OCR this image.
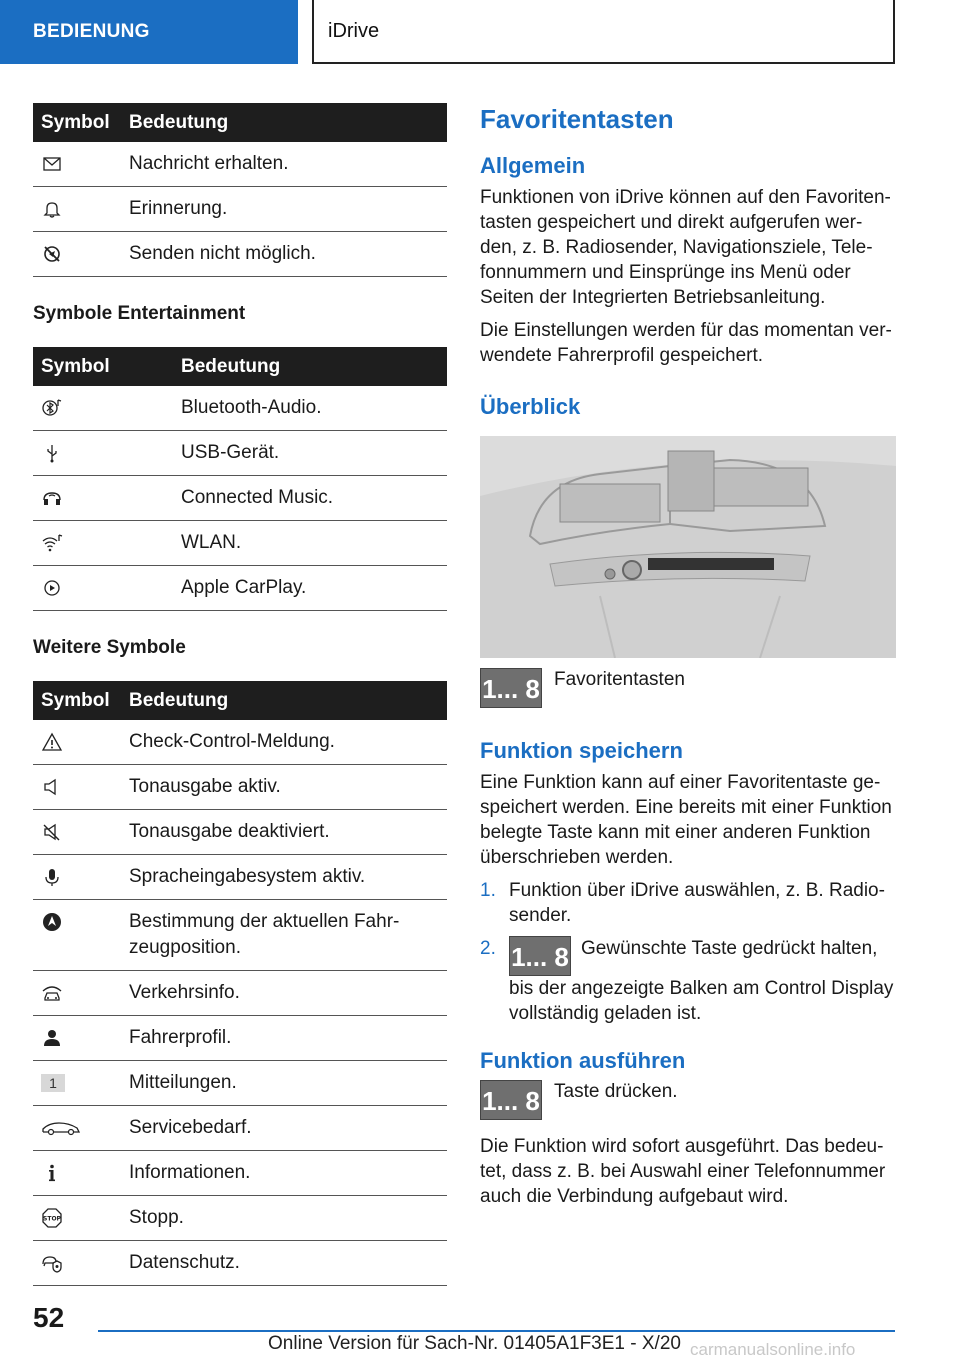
BEDIENUNG	iDrive
Symbol	Bedeutung

	Nachricht erhalten.

	Erinnerung.

	Senden nicht möglich.
Symbole Entertainment
Symbol	Bedeutung

	Bluetooth-Audio.

	USB-Gerät.

	Connected Music.

	WLAN.

	Apple CarPlay.
Weitere Symbole
Symbol	Bedeutung

	Check-Control-Meldung.

	Tonausgabe aktiv.

	Tonausgabe deaktiviert.

	Spracheingabesystem aktiv.

	Bestimmung der aktuellen Fahr-zeugposition.

	Verkehrsinfo.

	Fahrerprofil.
1	Mitteilungen.

	Servicebedarf.

	Informationen.

STOP	Stopp.

	Datenschutz.
Favoritentasten
Allgemein

Funktionen von iDrive können auf den Favoriten-tasten gespeichert und direkt aufgerufen wer-den, z. B. Radiosender, Navigationsziele, Tele-fonnummern und Einsprünge ins Menü oder Seiten der Integrierten Betriebsanleitung.

Die Einstellungen werden für das momentan ver-wendete Fahrerprofil gespeichert.

Überblick
1... 8 Favoritentasten
Funktion speichern

Eine Funktion kann auf einer Favoritentaste ge-speichert werden. Eine bereits mit einer Funktion belegte Taste kann mit einer anderen Funktion überschrieben werden.

1. Funktion über iDrive auswählen, z. B. Radio-sender.
2. 1... 8 Gewünschte Taste gedrückt halten, bis der angezeigte Balken am Control Display vollständig geladen ist.
Funktion ausführen
1... 8 Taste drücken.

Die Funktion wird sofort ausgeführt. Das bedeu-tet, dass z. B. bei Auswahl einer Telefonnummer auch die Verbindung aufgebaut wird.

52
Online Version für Sach-Nr. 01405A1F3E1 - X/20 carmanualsonline.info
